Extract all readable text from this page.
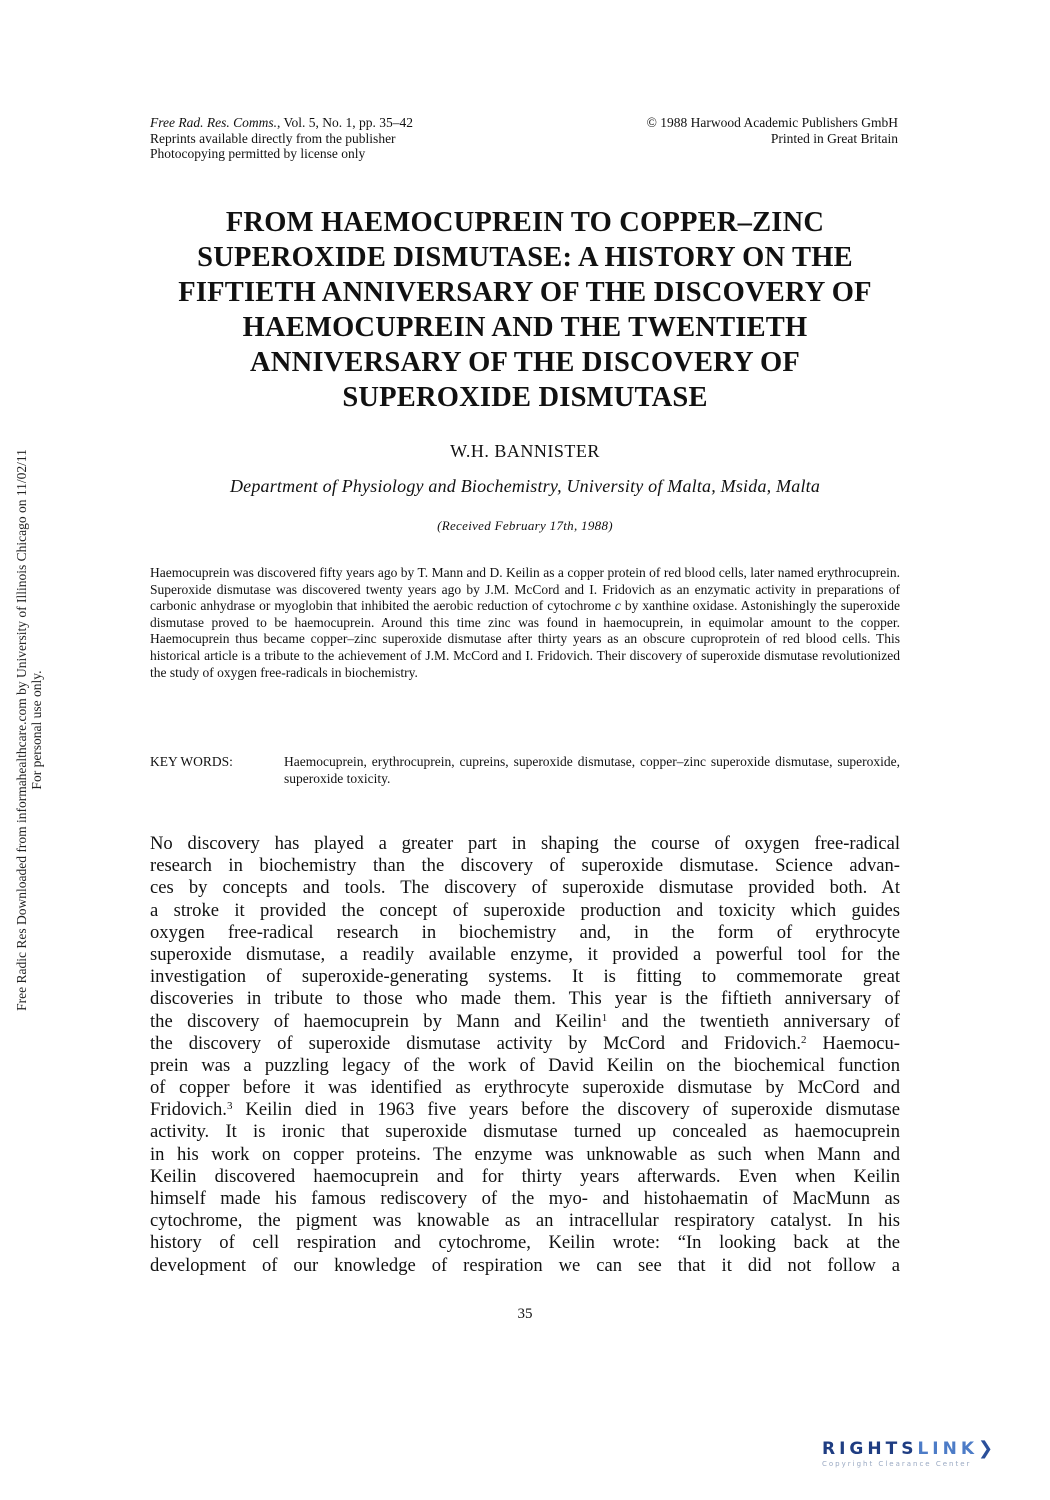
Free Rad. Res. Comms., Vol. 5, No. 1, pp. 35–42
Reprints available directly from the publisher
Photocopying permitted by license only
© 1988 Harwood Academic Publishers GmbH
Printed in Great Britain
FROM HAEMOCUPREIN TO COPPER–ZINC
SUPEROXIDE DISMUTASE: A HISTORY ON THE
FIFTIETH ANNIVERSARY OF THE DISCOVERY OF
HAEMOCUPREIN AND THE TWENTIETH
ANNIVERSARY OF THE DISCOVERY OF
SUPEROXIDE DISMUTASE
W.H. BANNISTER
Department of Physiology and Biochemistry, University of Malta, Msida, Malta
(Received February 17th, 1988)
Haemocuprein was discovered fifty years ago by T. Mann and D. Keilin as a copper protein of red blood cells, later named erythrocuprein. Superoxide dismutase was discovered twenty years ago by J.M. McCord and I. Fridovich as an enzymatic activity in preparations of carbonic anhydrase or myoglobin that inhibited the aerobic reduction of cytochrome c by xanthine oxidase. Astonishingly the superoxide dismutase proved to be haemocuprein. Around this time zinc was found in haemocuprein, in equimolar amount to the copper. Haemocuprein thus became copper–zinc superoxide dismutase after thirty years as an obscure cuproprotein of red blood cells. This historical article is a tribute to the achievement of J.M. McCord and I. Fridovich. Their discovery of superoxide dismutase revolutionized the study of oxygen free-radicals in biochemistry.
KEY WORDS:	Haemocuprein, erythrocuprein, cupreins, superoxide dismutase, copper–zinc superoxide dismutase, superoxide, superoxide toxicity.
No discovery has played a greater part in shaping the course of oxygen free-radical
research in biochemistry than the discovery of superoxide dismutase. Science advan-
ces by concepts and tools. The discovery of superoxide dismutase provided both. At
a stroke it provided the concept of superoxide production and toxicity which guides
oxygen free-radical research in biochemistry and, in the form of erythrocyte
superoxide dismutase, a readily available enzyme, it provided a powerful tool for the
investigation of superoxide-generating systems. It is fitting to commemorate great
discoveries in tribute to those who made them. This year is the fiftieth anniversary of
the discovery of haemocuprein by Mann and Keilin$^1$ and the twentieth anniversary of
the discovery of superoxide dismutase activity by McCord and Fridovich.$^2$ Haemocu-
prein was a puzzling legacy of the work of David Keilin on the biochemical function
of copper before it was identified as erythrocyte superoxide dismutase by McCord and
Fridovich.$^3$ Keilin died in 1963 five years before the discovery of superoxide dismutase
activity. It is ironic that superoxide dismutase turned up concealed as haemocuprein
in his work on copper proteins. The enzyme was unknowable as such when Mann and
Keilin discovered haemocuprein and for thirty years afterwards. Even when Keilin
himself made his famous rediscovery of the myo- and histohaematin of MacMunn as
cytochrome, the pigment was knowable as an intracellular respiratory catalyst. In his
history of cell respiration and cytochrome, Keilin wrote: “In looking back at the
development of our knowledge of respiration we can see that it did not follow a
35
Free Radic Res Downloaded from informahealthcare.com by University of Illinois Chicago on 11/02/11 For personal use only.
RIGHTSLINK❯
Copyright Clearance Center
